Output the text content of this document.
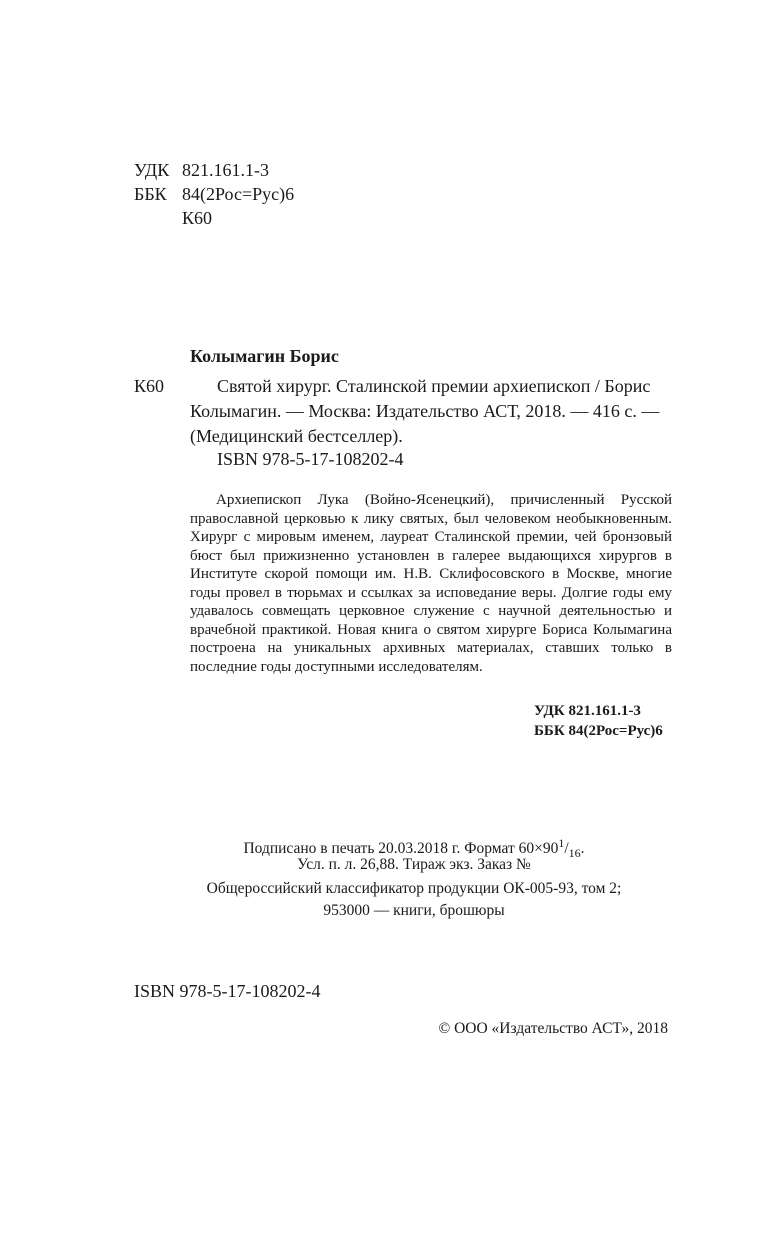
УДК 821.161.1-3
ББК 84(2Рос=Рус)6
К60
Колымагин Борис
К60	Святой хирург. Сталинской премии архиепископ / Борис
Колымагин. — Москва: Издательство АСТ, 2018. — 416 с. —
(Медицинский бестселлер).
ISBN 978-5-17-108202-4

Архиепископ Лука (Войно-Ясенецкий), причисленный Русской православной церковью к лику святых, был человеком необыкновенным. Хирург с мировым именем, лауреат Сталинской премии, чей бронзовый бюст был прижизненно установлен в галерее выдающихся хирургов в Институте скорой помощи им. Н.В. Склифосовского в Москве, многие годы провел в тюрьмах и ссылках за исповедание веры. Долгие годы ему удавалось совмещать церковное служение с научной деятельностью и врачебной практикой. Новая книга о святом хирурге Бориса Колымагина построена на уникальных архивных материалах, ставших только в последние годы доступными исследователям.

УДК 821.161.1-3
ББК 84(2Рос=Рус)6
Подписано в печать 20.03.2018 г. Формат $60\times 90^1/_{16}$.
Усл. п. л. 26,88. Тираж экз. Заказ №
Общероссийский классификатор продукции ОК-005-93, том 2;
953000 — книги, брошюры
ISBN 978-5-17-108202-4
© ООО «Издательство АСТ», 2018
